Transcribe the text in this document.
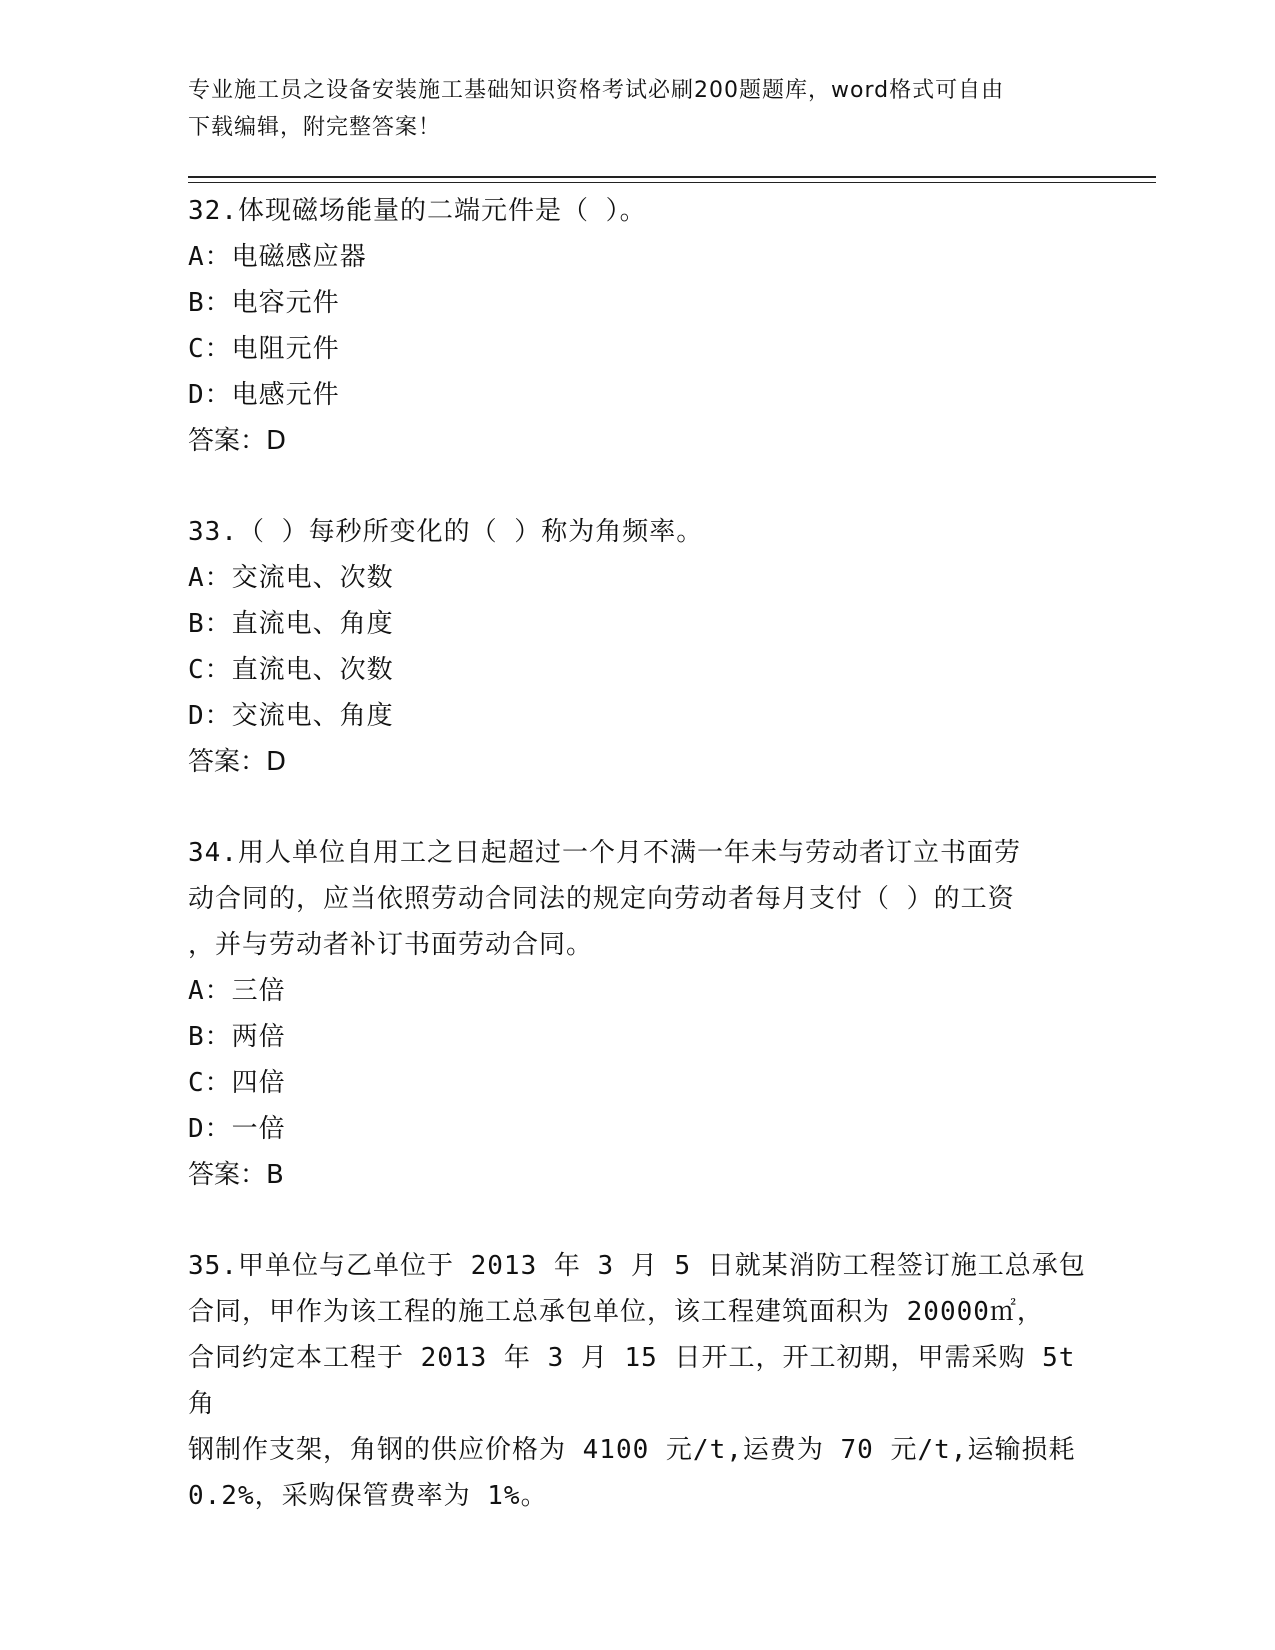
专业施工员之设备安装施工基础知识资格考试必刷200题题库，word格式可自由
下载编辑，附完整答案！

32.体现磁场能量的二端元件是（ ）。

A：电磁感应器

B：电容元件

C：电阻元件

D：电感元件

答案：D

33.（ ）每秒所变化的（ ）称为角频率。

A：交流电、次数

B：直流电、角度

C：直流电、次数

D：交流电、角度

答案：D

34.用人单位自用工之日起超过一个月不满一年未与劳动者订立书面劳

动合同的，应当依照劳动合同法的规定向劳动者每月支付（ ）的工资

，并与劳动者补订书面劳动合同。

A：三倍

B：两倍

C：四倍

D：一倍

答案：B

35.甲单位与乙单位于 2013 年 3 月 5 日就某消防工程签订施工总承包

合同，甲作为该工程的施工总承包单位，该工程建筑面积为 20000㎡，

合同约定本工程于 2013 年 3 月 15 日开工，开工初期，甲需采购 5t 角

钢制作支架，角钢的供应价格为 4100 元/t,运费为 70 元/t,运输损耗

0.2%，采购保管费率为 1%。
